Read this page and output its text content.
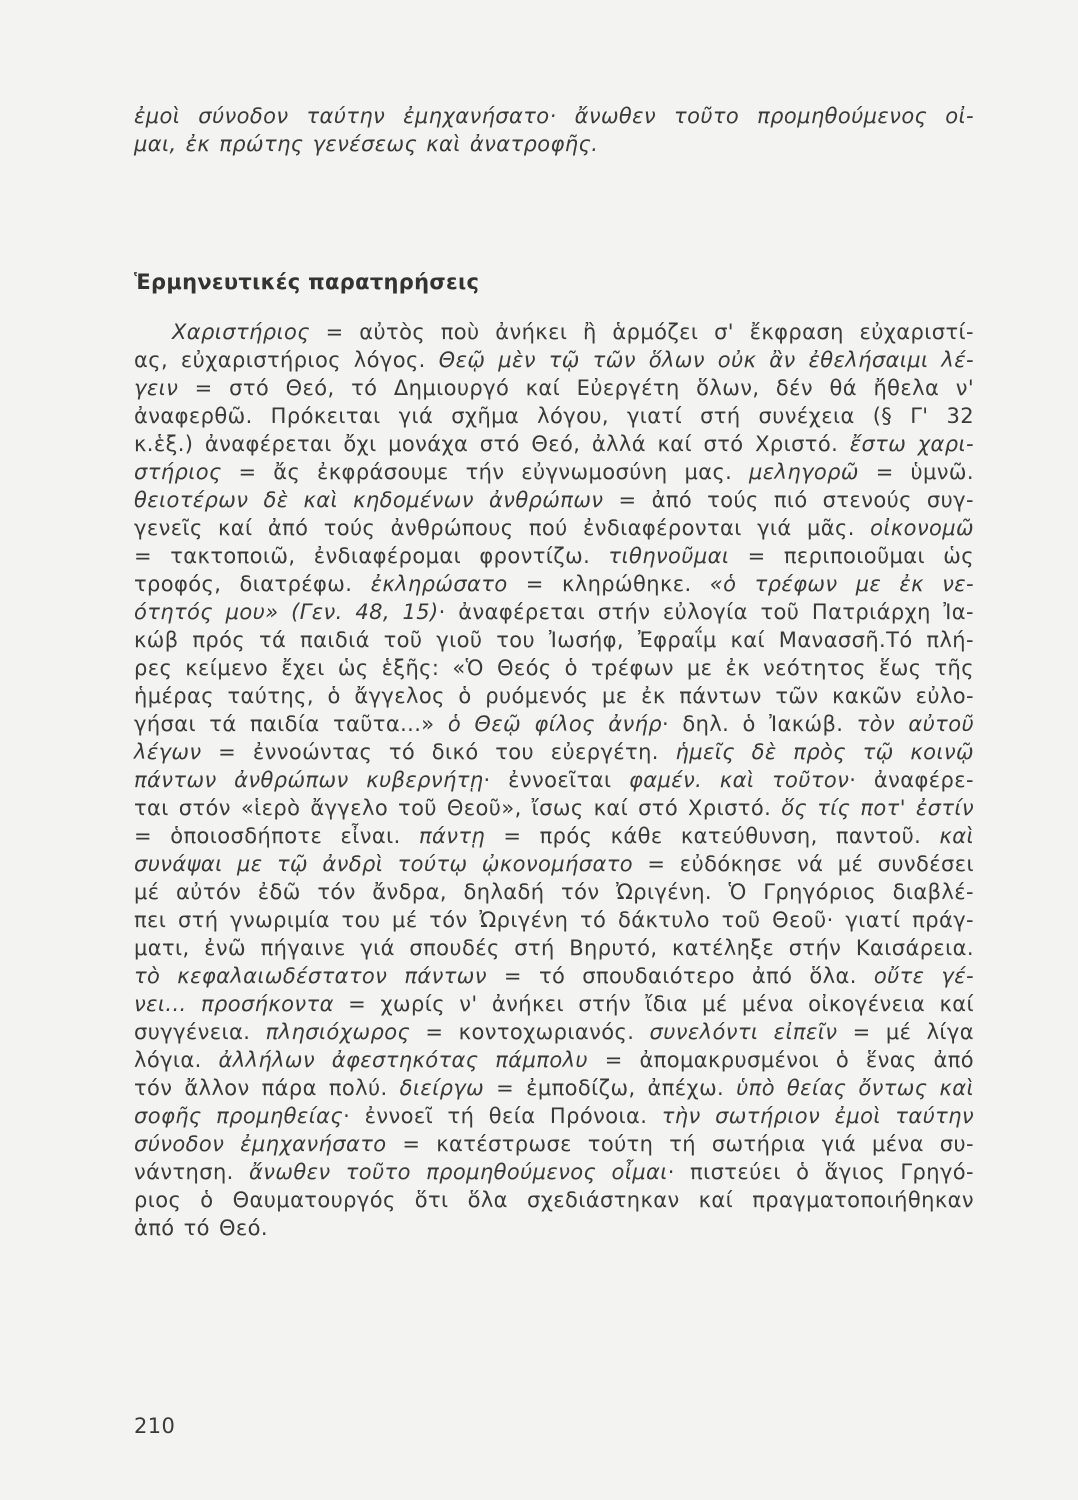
ἐμοὶ σύνοδον ταύτην ἐμηχανήσατο· ἄνωθεν τοῦτο προμηθούμενος οἰ-
μαι, ἐκ πρώτης γενέσεως καὶ ἀνατροφῆς.
Ἑρμηνευτικές παρατηρήσεις
Χαριστήριος = αὐτὸς ποὺ ἀνήκει ἢ ἁρμόζει σ' ἔκφραση εὐχαριστί-
ας, εὐχαριστήριος λόγος. Θεῷ μὲν τῷ τῶν ὅλων οὐκ ἂν ἐθελήσαιμι λέ-
γειν = στό Θεό, τό Δημιουργό καί Εὐεργέτη ὅλων, δέν θά ἤθελα ν'
ἀναφερθῶ. Πρόκειται γιά σχῆμα λόγου, γιατί στή συνέχεια (§ Γ' 32
κ.ἑξ.) ἀναφέρεται ὄχι μονάχα στό Θεό, ἀλλά καί στό Χριστό. ἔστω χαρι-
στήριος = ἄς ἐκφράσουμε τήν εὐγνωμοσύνη μας. μεληγορῶ = ὑμνῶ.
θειοτέρων δὲ καὶ κηδομένων ἀνθρώπων = ἀπό τούς πιό στενούς συγ-
γενεῖς καί ἀπό τούς ἀνθρώπους πού ἐνδιαφέρονται γιά μᾶς. οἰκονομῶ
= τακτοποιῶ, ἐνδιαφέρομαι φροντίζω. τιθηνοῦμαι = περιποιοῦμαι ὡς
τροφός, διατρέφω. ἐκληρώσατο = κληρώθηκε. «ὁ τρέφων με ἐκ νε-
ότητός μου» (Γεν. 48, 15)· ἀναφέρεται στήν εὐλογία τοῦ Πατριάρχη Ἰα-
κώβ πρός τά παιδιά τοῦ γιοῦ του Ἰωσήφ, Ἐφραΐμ καί Μανασσῆ.Τό πλή-
ρες κείμενο ἔχει ὡς ἑξῆς: «Ὁ Θεός ὁ τρέφων με ἐκ νεότητος ἕως τῆς
ἡμέρας ταύτης, ὁ ἄγγελος ὁ ρυόμενός με ἐκ πάντων τῶν κακῶν εὐλο-
γήσαι τά παιδία ταῦτα...» ὁ Θεῷ φίλος ἀνήρ· δηλ. ὁ Ἰακώβ. τὸν αὐτοῦ
λέγων = ἐννοώντας τό δικό του εὐεργέτη. ἡμεῖς δὲ πρὸς τῷ κοινῷ
πάντων ἀνθρώπων κυβερνήτῃ· ἐννοεῖται φαμέν. καὶ τοῦτον· ἀναφέρε-
ται στόν «ἱερὸ ἄγγελο τοῦ Θεοῦ», ἴσως καί στό Χριστό. ὅς τίς ποτ' ἐστίν
= ὁποιοσδήποτε εἶναι. πάντῃ = πρός κάθε κατεύθυνση, παντοῦ. καὶ
συνάψαι με τῷ ἀνδρὶ τούτῳ ᾠκονομήσατο = εὐδόκησε νά μέ συνδέσει
μέ αὐτόν ἐδῶ τόν ἄνδρα, δηλαδή τόν Ὠριγένη. Ὁ Γρηγόριος διαβλέ-
πει στή γνωριμία του μέ τόν Ὠριγένη τό δάκτυλο τοῦ Θεοῦ· γιατί πράγ-
ματι, ἐνῶ πήγαινε γιά σπουδές στή Βηρυτό, κατέληξε στήν Καισάρεια.
τὸ κεφαλαιωδέστατον πάντων = τό σπουδαιότερο ἀπό ὅλα. οὔτε γέ-
νει... προσήκοντα = χωρίς ν' ἀνήκει στήν ἴδια μέ μένα οἰκογένεια καί
συγγένεια. πλησιόχωρος = κοντοχωριανός. συνελόντι εἰπεῖν = μέ λίγα
λόγια. ἀλλήλων ἀφεστηκότας πάμπολυ = ἀπομακρυσμένοι ὁ ἕνας ἀπό
τόν ἄλλον πάρα πολύ. διείργω = ἐμποδίζω, ἀπέχω. ὑπὸ θείας ὄντως καὶ
σοφῆς προμηθείας· ἐννοεῖ τή θεία Πρόνοια. τὴν σωτήριον ἐμοὶ ταύτην
σύνοδον ἐμηχανήσατο = κατέστρωσε τούτη τή σωτήρια γιά μένα συ-
νάντηση. ἄνωθεν τοῦτο προμηθούμενος οἶμαι· πιστεύει ὁ ἅγιος Γρηγό-
ριος ὁ Θαυματουργός ὅτι ὅλα σχεδιάστηκαν καί πραγματοποιήθηκαν
ἀπό τό Θεό.
210
